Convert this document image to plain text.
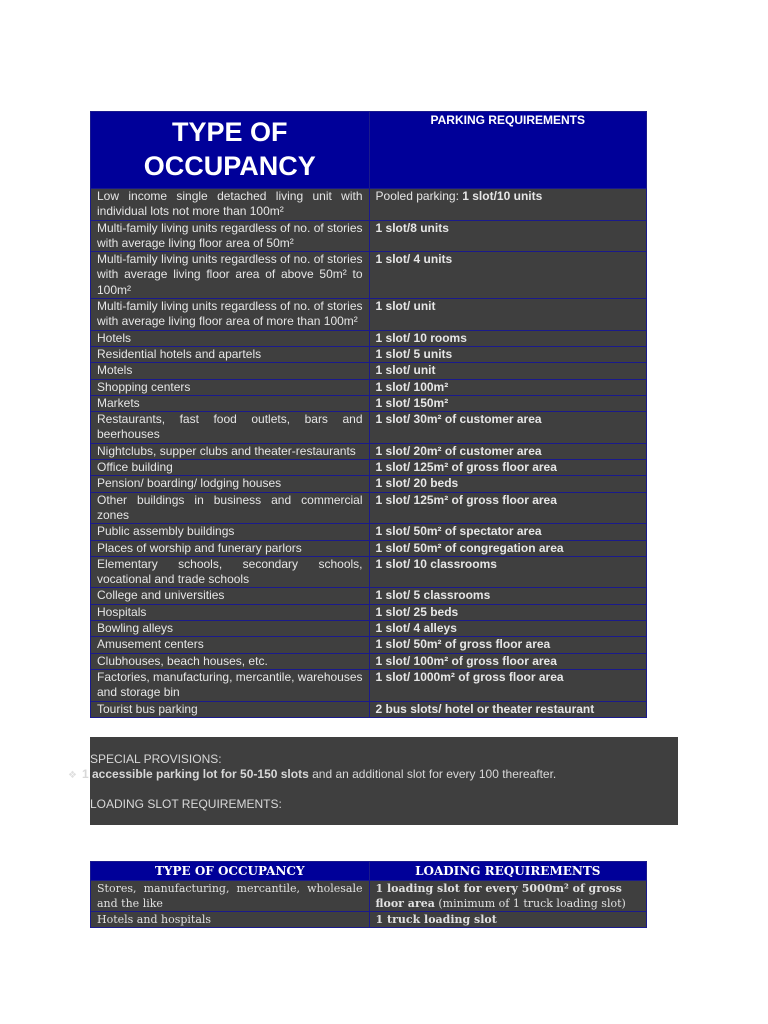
TYPE OF
OCCUPANCY	PARKING REQUIREMENTS
Low income single detached living unit with individual lots not more than 100m²	Pooled parking: 1 slot/10 units
Multi-family living units regardless of no. of stories with average living floor area of 50m²	1 slot/8 units
Multi-family living units regardless of no. of stories with average living floor area of above 50m² to 100m²	1 slot/ 4 units
Multi-family living units regardless of no. of stories with average living floor area of more than 100m²	1 slot/ unit
Hotels	1 slot/ 10 rooms
Residential hotels and apartels	1 slot/ 5 units
Motels	1 slot/ unit
Shopping centers	1 slot/ 100m²
Markets	1 slot/ 150m²
Restaurants, fast food outlets, bars and beerhouses	1 slot/ 30m² of customer area
Nightclubs, supper clubs and theater-restaurants	1 slot/ 20m² of customer area
Office building	1 slot/ 125m² of gross floor area
Pension/ boarding/ lodging houses	1 slot/ 20 beds
Other buildings in business and commercial zones	1 slot/ 125m² of gross floor area
Public assembly buildings	1 slot/ 50m² of spectator area
Places of worship and funerary parlors	1 slot/ 50m² of congregation area
Elementary schools, secondary schools, vocational and trade schools	1 slot/ 10 classrooms
College and universities	1 slot/ 5 classrooms
Hospitals	1 slot/ 25 beds
Bowling alleys	1 slot/ 4 alleys
Amusement centers	1 slot/ 50m² of gross floor area
Clubhouses, beach houses, etc.	1 slot/ 100m² of gross floor area
Factories, manufacturing, mercantile, warehouses and storage bin	1 slot/ 1000m² of gross floor area
Tourist bus parking	2 bus slots/ hotel or theater restaurant
SPECIAL PROVISIONS:
❖ 1 accessible parking lot for 50-150 slots and an additional slot for every 100 thereafter.
LOADING SLOT REQUIREMENTS:
TYPE OF OCCUPANCY	LOADING REQUIREMENTS
Stores, manufacturing, mercantile, wholesale and the like	1 loading slot for every 5000m² of gross floor area (minimum of 1 truck loading slot)
Hotels and hospitals	1 truck loading slot
